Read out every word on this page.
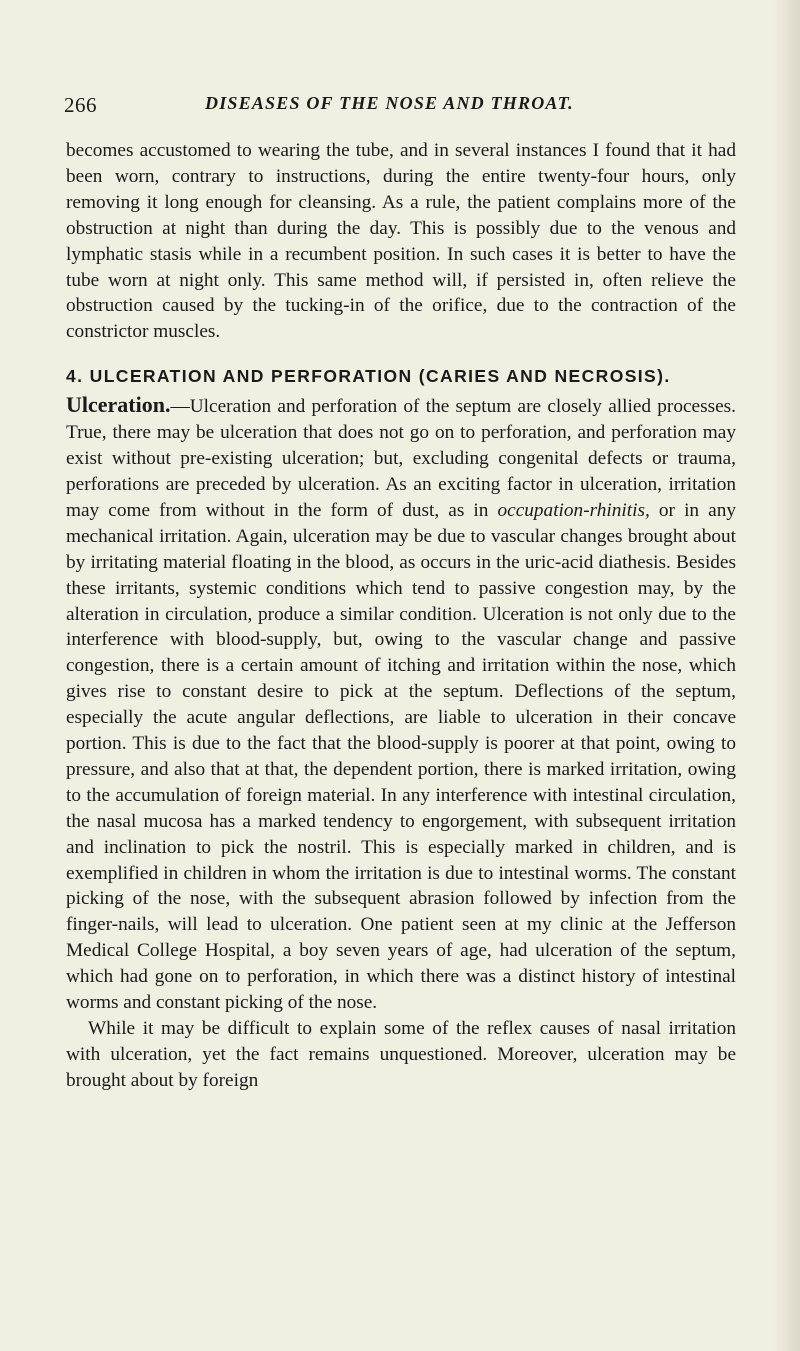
266	DISEASES OF THE NOSE AND THROAT.

becomes accustomed to wearing the tube, and in several instances I found that it had been worn, contrary to instructions, during the entire twenty-four hours, only removing it long enough for cleansing. As a rule, the patient complains more of the obstruction at night than during the day. This is possibly due to the venous and lymphatic stasis while in a recumbent position. In such cases it is better to have the tube worn at night only. This same method will, if persisted in, often relieve the obstruction caused by the tucking-in of the orifice, due to the contraction of the constrictor muscles.

4. ULCERATION AND PERFORATION (CARIES AND NECROSIS).

Ulceration.—Ulceration and perforation of the septum are closely allied processes. True, there may be ulceration that does not go on to perforation, and perforation may exist without pre-existing ulceration; but, excluding congenital defects or trauma, perforations are preceded by ulceration. As an exciting factor in ulceration, irritation may come from without in the form of dust, as in occupation-rhinitis, or in any mechanical irritation. Again, ulceration may be due to vascular changes brought about by irritating material floating in the blood, as occurs in the uric-acid diathesis. Besides these irritants, systemic conditions which tend to passive congestion may, by the alteration in circulation, produce a similar condition. Ulceration is not only due to the interference with blood-supply, but, owing to the vascular change and passive congestion, there is a certain amount of itching and irritation within the nose, which gives rise to constant desire to pick at the septum. Deflections of the septum, especially the acute angular deflections, are liable to ulceration in their concave portion. This is due to the fact that the blood-supply is poorer at that point, owing to pressure, and also that at that, the dependent portion, there is marked irritation, owing to the accumulation of foreign material. In any interference with intestinal circulation, the nasal mucosa has a marked tendency to engorgement, with subsequent irritation and inclination to pick the nostril. This is especially marked in children, and is exemplified in children in whom the irritation is due to intestinal worms. The constant picking of the nose, with the subsequent abrasion followed by infection from the finger-nails, will lead to ulceration. One patient seen at my clinic at the Jefferson Medical College Hospital, a boy seven years of age, had ulceration of the septum, which had gone on to perforation, in which there was a distinct history of intestinal worms and constant picking of the nose.

While it may be difficult to explain some of the reflex causes of nasal irritation with ulceration, yet the fact remains unquestioned. Moreover, ulceration may be brought about by foreign
